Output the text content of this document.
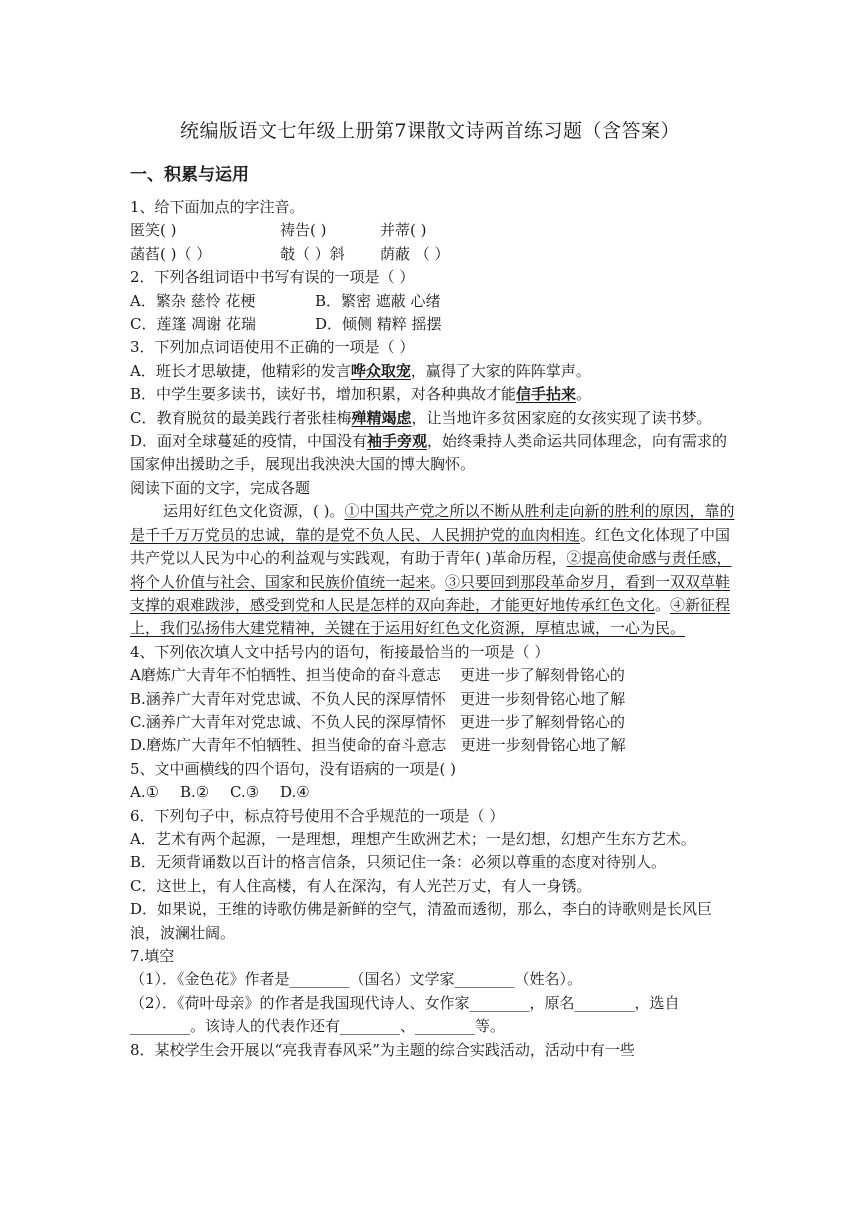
统编版语文七年级上册第7课散文诗两首练习题（含答案）
一、积累与运用

1、给下面加点的字注音。

匿笑( )	祷告( )	并蒂( )

菡萏( )（ ）	攲（ ）斜	荫蔽 （ ）

2．下列各组词语中书写有误的一项是（ ）

A．繁杂 慈怜 花梗	B．繁密 遮蔽 心绪

C．莲篷 凋谢 花瑞	D．倾侧 精粹 摇摆

3．下列加点词语使用不正确的一项是（ ）

A．班长才思敏捷，他精彩的发言哗众取宠，赢得了大家的阵阵掌声。

B．中学生要多读书，读好书，增加积累，对各种典故才能信手拈来。

C．教育脱贫的最美践行者张桂梅殚精竭虑，让当地许多贫困家庭的女孩实现了读书梦。

D．面对全球蔓延的疫情，中国没有袖手旁观，始终秉持人类命运共同体理念，向有需求的国家伸出援助之手，展现出我泱泱大国的博大胸怀。

阅读下面的文字，完成各题

运用好红色文化资源，( )。①中国共产党之所以不断从胜利走向新的胜利的原因，靠的是千千万万党员的忠诚，靠的是党不负人民、人民拥护党的血肉相连。红色文化体现了中国共产党以人民为中心的利益观与实践观，有助于青年( )革命历程，②提高使命感与责任感，将个人价值与社会、国家和民族价值统一起来。③只要回到那段革命岁月，看到一双双草鞋支撑的艰难跋涉，感受到党和人民是怎样的双向奔赴，才能更好地传承红色文化。④新征程上，我们弘扬伟大建党精神，关键在于运用好红色文化资源，厚植忠诚，一心为民。

4、下列依次填人文中括号内的语句，衔接最恰当的一项是（ ）

A磨炼广大青年不怕牺牲、担当使命的奋斗意志 更进一步了解刻骨铭心的

B.涵养广大青年对党忠诚、不负人民的深厚情怀 更进一步刻骨铭心地了解

C.涵养广大青年对党忠诚、不负人民的深厚情怀 更进一步了解刻骨铭心的

D.磨炼广大青年不怕牺牲、担当使命的奋斗意志 更进一步刻骨铭心地了解

5、文中画横线的四个语句，没有语病的一项是( )

A.① B.② C.③ D.④

6．下列句子中，标点符号使用不合乎规范的一项是（ ）

A．艺术有两个起源，一是理想，理想产生欧洲艺术；一是幻想，幻想产生东方艺术。

B．无须背诵数以百计的格言信条，只须记住一条：必须以尊重的态度对待别人。

C．这世上，有人住高楼，有人在深沟，有人光芒万丈，有人一身锈。

D．如果说，王维的诗歌仿佛是新鲜的空气，清盈而透彻，那么，李白的诗歌则是长风巨浪，波澜壮阔。

7.填空

（1）．《金色花》作者是________（国名）文学家________（姓名）。

（2）．《荷叶母亲》的作者是我国现代诗人、女作家________，原名________，选自________。该诗人的代表作还有________、________等。

8．某校学生会开展以“亮我青春风采”为主题的综合实践活动，活动中有一些
